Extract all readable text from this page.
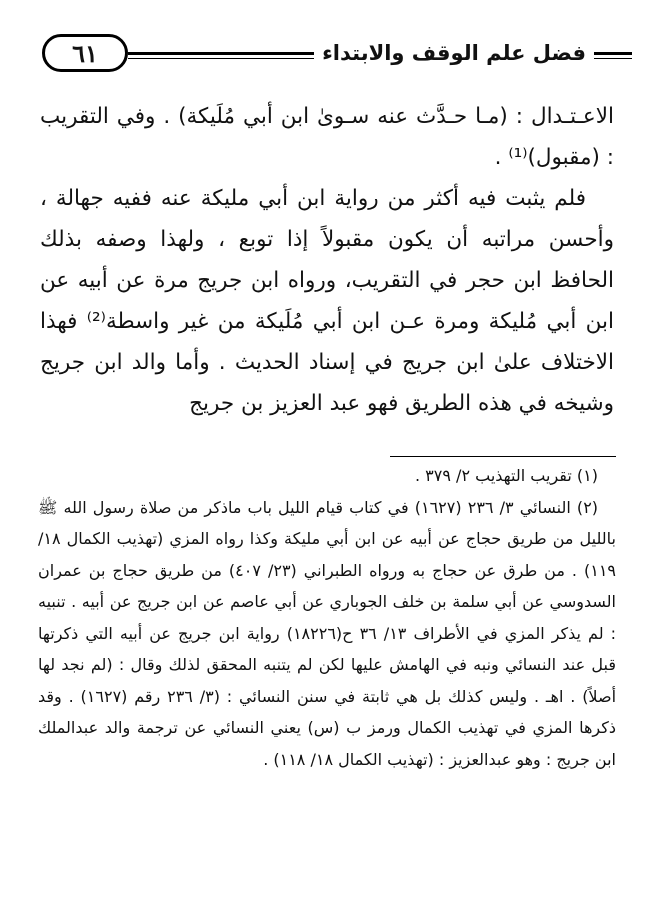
فضل علم الوقف والابتداء
٦١

الاعـتـدال : (مـا حـدَّث عنه سـوىٰ ابن أبي مُلَيكة) . وفي التقريب : (مقبول)⁽¹⁾ .

فلم يثبت فيه أكثر من رواية ابن أبي مليكة عنه ففيه جهالة ، وأحسن مراتبه أن يكون مقبولاً إذا توبع ، ولهذا وصفه بذلك الحافظ ابن حجر في التقريب، ورواه ابن جريج مرة عن أبيه عن ابن أبي مُليكة ومرة عـن ابن أبي مُلَيكة من غير واسطة⁽²⁾ فهذا الاختلاف علىٰ ابن جريج في إسناد الحديث . وأما والد ابن جريج وشيخه في هذه الطريق فهو عبد العزيز بن جريج

(١) تقريب التهذيب ٢/ ٣٧٩ .

(٢) النسائي ٣/ ٢٣٦ (١٦٢٧) في كتاب قيام الليل باب ماذكر من صلاة رسول الله ﷺ بالليل من طريق حجاج عن أبيه عن ابن أبي مليكة وكذا رواه المزي (تهذيب الكمال ١٨/ ١١٩) . من طرق عن حجاج به ورواه الطبراني (٢٣/ ٤٠٧) من طريق حجاج بن عمران السدوسي عن أبي سلمة بن خلف الجوباري عن أبي عاصم عن ابن جريج عن أبيه . تنبيه : لم يذكر المزي في الأطراف ١٣/ ٣٦ ح(١٨٢٢٦) رواية ابن جريج عن أبيه التي ذكرتها قبل عند النسائي ونبه في الهامش عليها لكن لم يتنبه المحقق لذلك وقال : (لم نجد لها أصلاً) . اهـ . وليس كذلك بل هي ثابتة في سنن النسائي : (٣/ ٢٣٦ رقم (١٦٢٧) . وقد ذكرها المزي في تهذيب الكمال ورمز ب (س) يعني النسائي عن ترجمة والد عبدالملك ابن جريج : وهو عبدالعزيز : (تهذيب الكمال ١٨/ ١١٨) .
